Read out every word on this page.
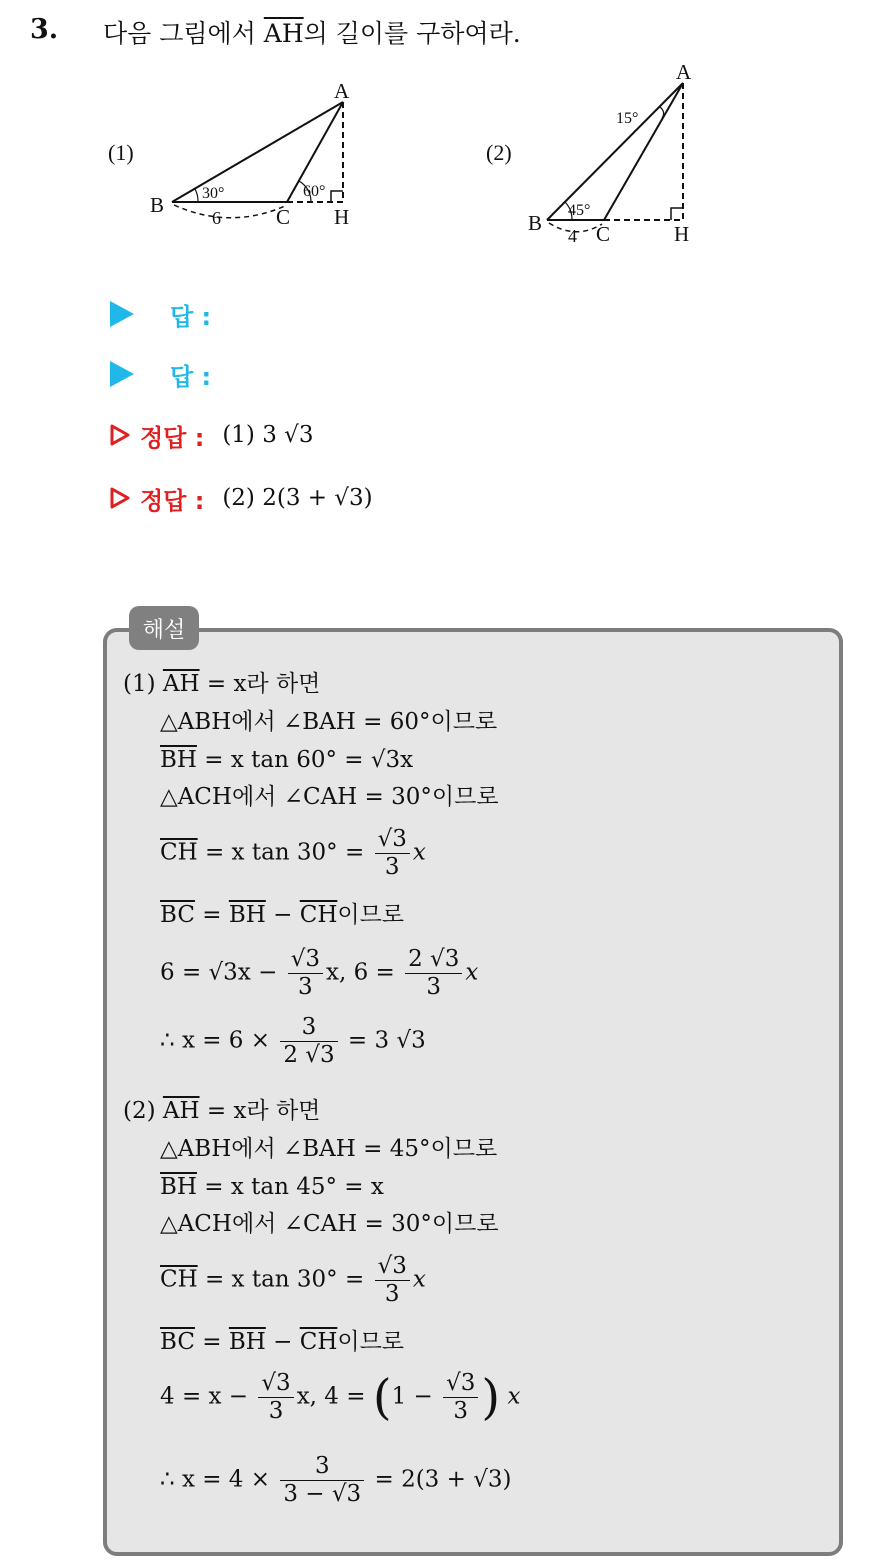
3. 다음 그림에서 $\overline{AH}$의 길이를 구하여라.
(1)
A
B	C H
30°	60°
6
(2)
A
B	C	H
15°
45°
4
답 :
답 :
정답 : (1) 3 √3
정답 : (2) 2(3 + √3)
해설
(1) $\overline{AH} = x$라 하면
△ABH에서 ∠BAH = 60°이므로
$\overline{BH} = x$ tan 60° = √3x
△ACH에서 ∠CAH = 30°이므로
$\overline{CH} = x$ $\tan 30^\circ = \frac{√3}{3}$ x
$\overline{BC} = \overline{BH} - \overline{CH}$이므로
$6 = √3x - \frac{√3}{3} x$, $6 = \frac{2 √3}{3}$ x
∴ $x = 6 \times \frac{3}{2 √3} = 3$ √3
(2) $\overline{AH} = x$라 하면
△ABH에서 ∠BAH = 45°이므로
$\overline{BH} = x$ tan 45° = x
△ACH에서 ∠CAH = 30°이므로
$\overline{CH} = x$ $\tan 30^\circ = \frac{√3}{3}$ x
$\overline{BC} = \overline{BH} - \overline{CH}$이므로
$4 = x - \frac{√3}{3} x$, $4 = (1 - \frac{√3}{3}$ ) x
∴ $x = 4 \times \frac{3}{3 - √3} = 2(3 + √3)$
